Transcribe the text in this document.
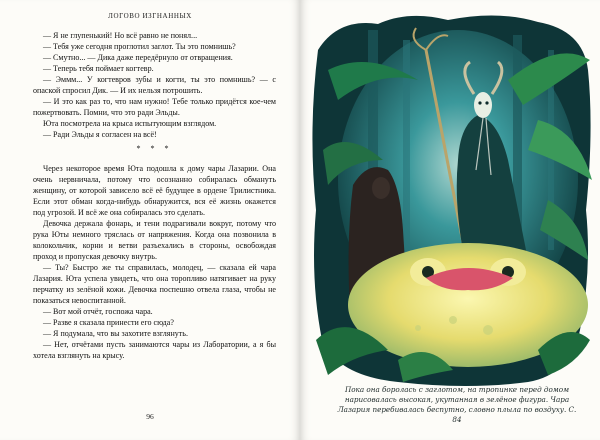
ЛОГОВО ИЗГНАННЫХ

— Я не глупенький! Но всё равно не понял...

— Тебя уже сегодня проглотил заглот. Ты это помнишь?

— Смутно... — Дика даже передёрнуло от отвращения.

— Теперь тебя поймает когтевр.

— Эммм... У когтевров зубы и когти, ты это помнишь? — с опаской спросил Дик. — И их нельзя потрошить.

— И это как раз то, что нам нужно! Тебе только придётся кое-чем пожертвовать. Помни, что это ради Эльды.

Юта посмотрела на крыса испытующим взглядом.

— Ради Эльды я согласен на всё!

* * *

Через некоторое время Юта подошла к дому чары Лазарии. Она очень нервничала, потому что осознанно собиралась обмануть женщину, от которой зависело всё её будущее в ордене Трилистника. Если этот обман когда-нибудь обнаружится, вся её жизнь окажется под угрозой. И всё же она собиралась это сделать.

Девочка держала фонарь, и тени подрагивали вокруг, потому что рука Юты немного тряслась от напряжения. Когда она позвонила в колокольчик, корни и ветви разъехались в стороны, освобождая проход и пропуская девочку внутрь.

— Ты? Быстро же ты справилась, молодец, — сказала ей чара Лазария. Юта успела увидеть, что она торопливо натягивает на руку перчатку из зелёной кожи. Девочка поспешно отвела глаза, чтобы не показаться невоспитанной.

— Вот мой отчёт, госпожа чара.

— Разве я сказала принести его сюда?

— Я подумала, что вы захотите взглянуть.

— Нет, отчётами пусть занимаются чары из Лаборатории, а я бы хотела взглянуть на крысу.

96

Пока она боролась с заглотом, на тропинке перед домом

нарисовалась высокая, укутанная в зелёное фигура. Чара

Лазария перебивалась беспутно, словно плыла по воздуху. С. 84
